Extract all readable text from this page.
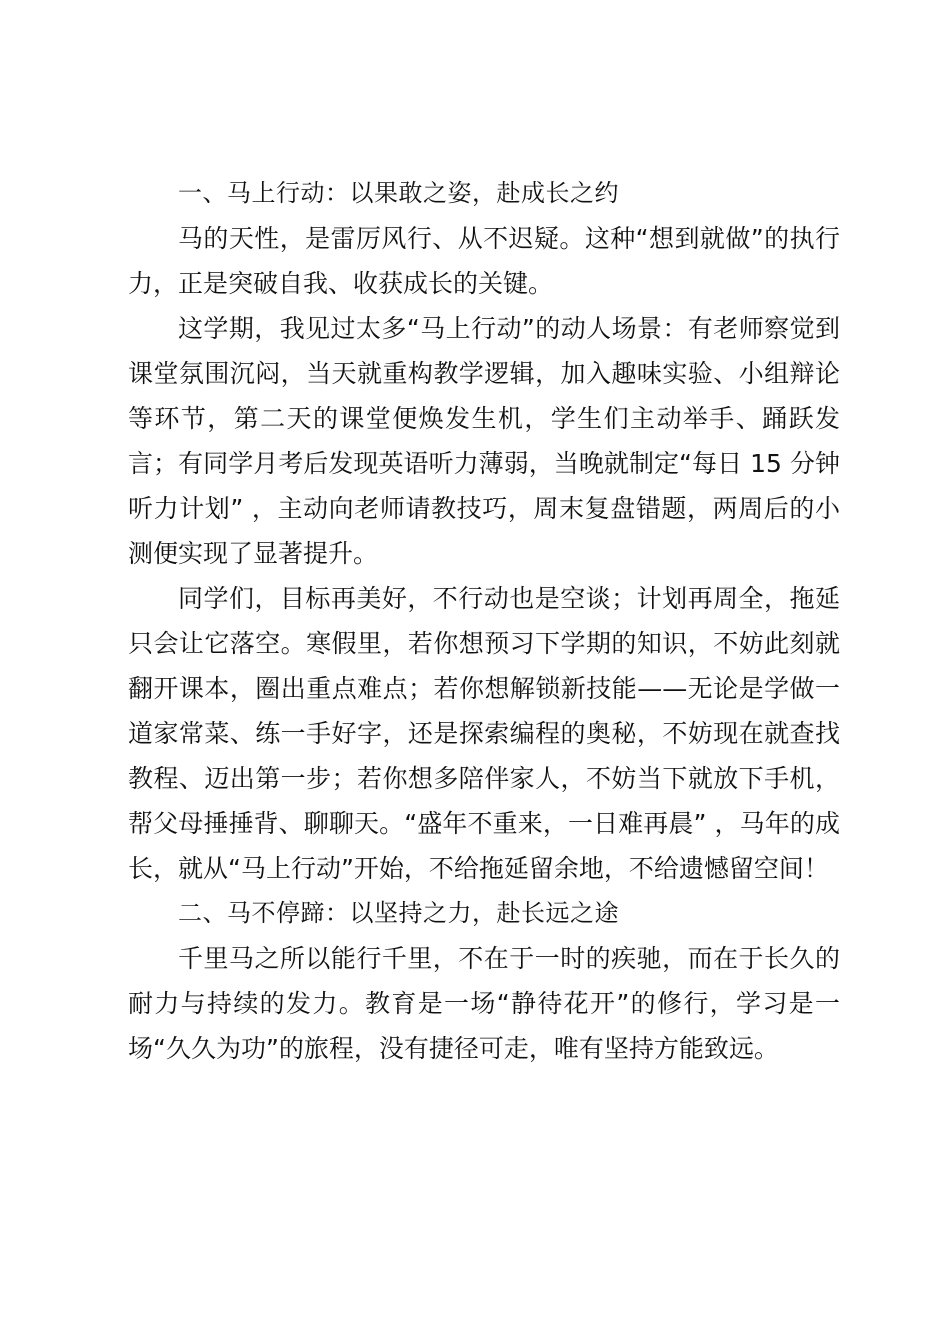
一、马上行动：以果敢之姿，赴成长之约

马的天性，是雷厉风行、从不迟疑。这种“想到就做”的执行力，正是突破自我、收获成长的关键。

这学期，我见过太多“马上行动”的动人场景：有老师察觉到课堂氛围沉闷，当天就重构教学逻辑，加入趣味实验、小组辩论等环节，第二天的课堂便焕发生机，学生们主动举手、踊跃发言；有同学月考后发现英语听力薄弱，当晚就制定“每日 15 分钟听力计划” ，主动向老师请教技巧，周末复盘错题，两周后的小测便实现了显著提升。

同学们，目标再美好，不行动也是空谈；计划再周全，拖延只会让它落空。寒假里，若你想预习下学期的知识，不妨此刻就翻开课本，圈出重点难点；若你想解锁新技能——无论是学做一道家常菜、练一手好字，还是探索编程的奥秘，不妨现在就查找教程、迈出第一步；若你想多陪伴家人，不妨当下就放下手机，帮父母捶捶背、聊聊天。“盛年不重来，一日难再晨” ，马年的成长，就从“马上行动”开始，不给拖延留余地，不给遗憾留空间！

二、马不停蹄：以坚持之力，赴长远之途

千里马之所以能行千里，不在于一时的疾驰，而在于长久的耐力与持续的发力。教育是一场“静待花开”的修行，学习是一场“久久为功”的旅程，没有捷径可走，唯有坚持方能致远。
